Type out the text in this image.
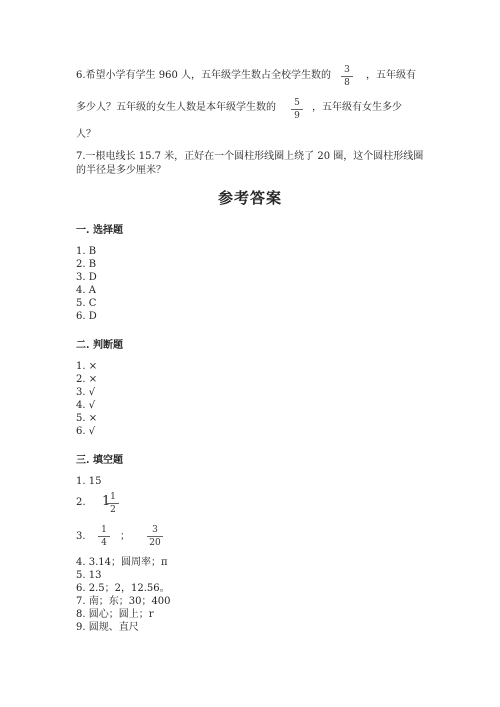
6.希望小学有学生 960 人，五年级学生数占全校学生数的	3
8
，五年级有
多少人？五年级的女生人数是本年级学生数的	5
9
，五年级有女生多少
人？
7.一根电线长 15.7 米，正好在一个圆柱形线圈上绕了 20 圈，这个圆柱形线圈
的半径是多少厘米？
参考答案
一. 选择题
1. B
2. B
3. D
4. A
5. C
6. D
二. 判断题
1. ×
2. ×
3. √
4. √
5. ×
6. √
三. 填空题
1. 15
2. 1 1
2
3.
1
4
；
3
20
4. 3.14；圆周率；π
5. 13
6. 2.5；2，12.56。
7. 南；东；30；400
8. 圆心；圆上；r
9. 圆规、直尺
